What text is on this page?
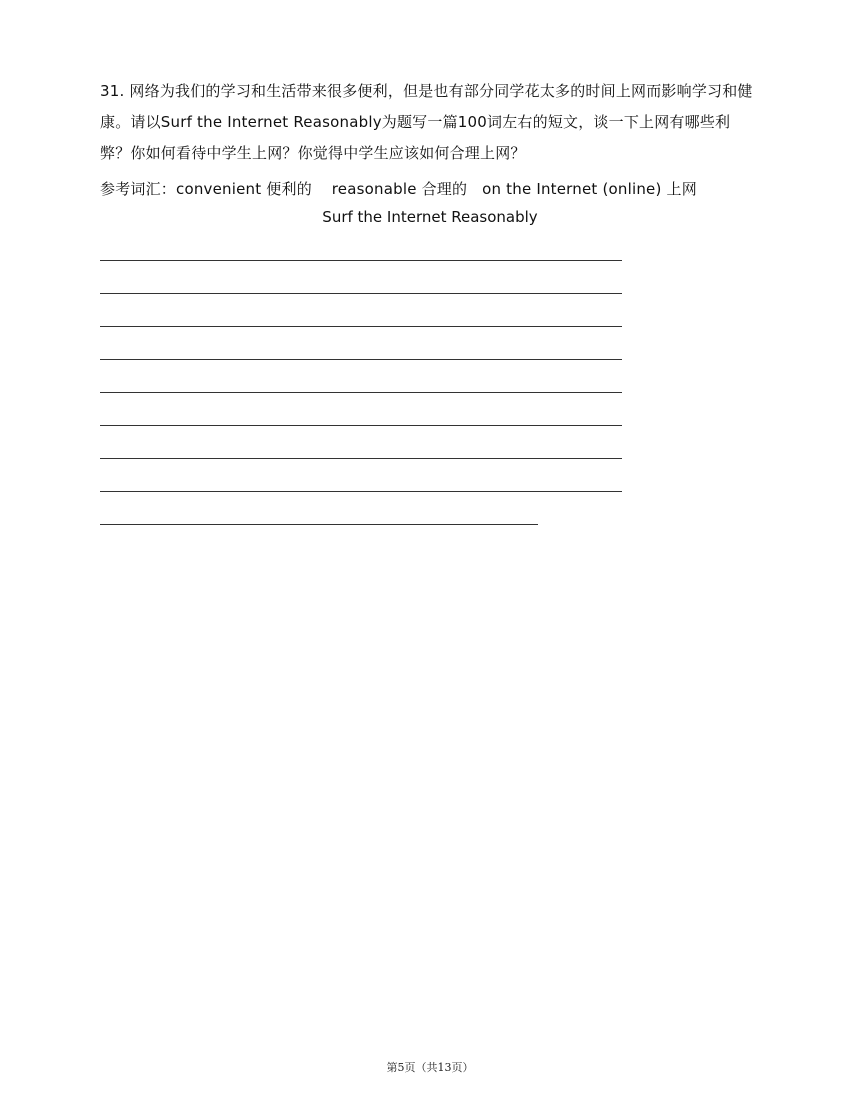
31. 网络为我们的学习和生活带来很多便利，但是也有部分同学花太多的时间上网而影响学习和健康。请以Surf the Internet Reasonably为题写一篇100词左右的短文，谈一下上网有哪些利弊？你如何看待中学生上网？你觉得中学生应该如何合理上网？
参考词汇：convenient 便利的    reasonable 合理的   on the Internet (online) 上网
Surf the Internet Reasonably
第5页（共13页）
